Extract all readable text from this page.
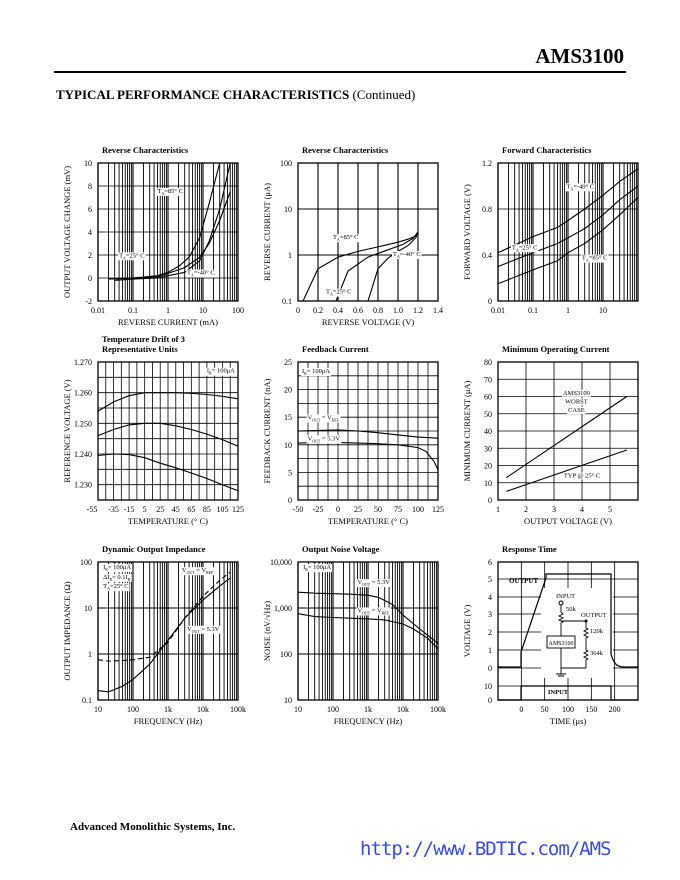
AMS3100
TYPICAL PERFORMANCE CHARACTERISTICS (Continued)
$T_A=85^\circ$ C
$T_A=25^\circ$ C
$T_A=-40^\circ$ C
0.01	0.1	1	10	100
-2
0
2
4
6
8
10
Reverse Characteristics
REVERSE CURRENT (mA)
OUTPUT VOLTAGE CHANGE (mV)	$T_A=85^\circ$ C
$T_A=-40^\circ$ C
$T_A=25^\circ$ C
0 0.2 0.4 0.6 0.8 1.0 1.2 1.4
0.1
1
10
100
Reverse Characteristics
REVERSE VOLTAGE (V)
REVERSE CURRENT (μA)	$T_A=-40^\circ$ C
$T_A=25^\circ$ C
$T_A=85^\circ$ C
0.01	0.1	1	10
0
0.4
0.8
1.2
Forward Characteristics
FORWARD VOLTAGE (V)
$I_R= 100\mu A$
-55 -35 -15 5 25 45 65 85 105 125
1.230
1.240
1.250
1.260
1.270
Temperature Drift of 3
Representative Units
TEMPERATURE (° C)
REFERENCE VOLTAGE (V)
$I_R= 100\mu A$
$V_{OUT} = V_{REF}$
$V_{OUT} = 5.3V$
-50 -25 0 25 50 75 100 125
0
5
10
15
20
25
Feedback Current
TEMPERATURE (° C)
FEEDBACK CURRENT (nA)	AMS3100
WORST
CASE
TYP @ 25° C
1	2	3	4	5
0
10
20
30
40
50
60
70
80
Minimum Operating Current
OUTPUT VOLTAGE (V)
MINIMUM CURRENT (μA)
$I_R= 100\mu A$
$\Delta I_R= 0.1I_R$
$T_A=25^\circ$ C
$V_{OUT} = V_{REF}$
$V_{OUT} = 5.3V$
10	100	1k	10k	100k
0.1
1
10
100
Dynamic Output Impedance
FREQUENCY (Hz)
OUTPUT IMPEDANCE (Ω)
$I_R= 100\mu A$
$V_{OUT} = 5.3V$
$V_{OUT} = V_{REF}$
10	100	1k	10k	100k
10
100
1,000
10,000
Output Noise Voltage
FREQUENCY (Hz)
NOISE (nV/√Hz)
0 50 100 150 200
0
10
0
1
2
3
4
5
6
Response Time
TIME (μs)
VOLTAGE (V)
OUTPUT
INPUT
INPUT
50k
OUTPUT
120k
364k
AMS3100
Advanced Monolithic Systems, Inc.
http://www.BDTIC.com/AMS
